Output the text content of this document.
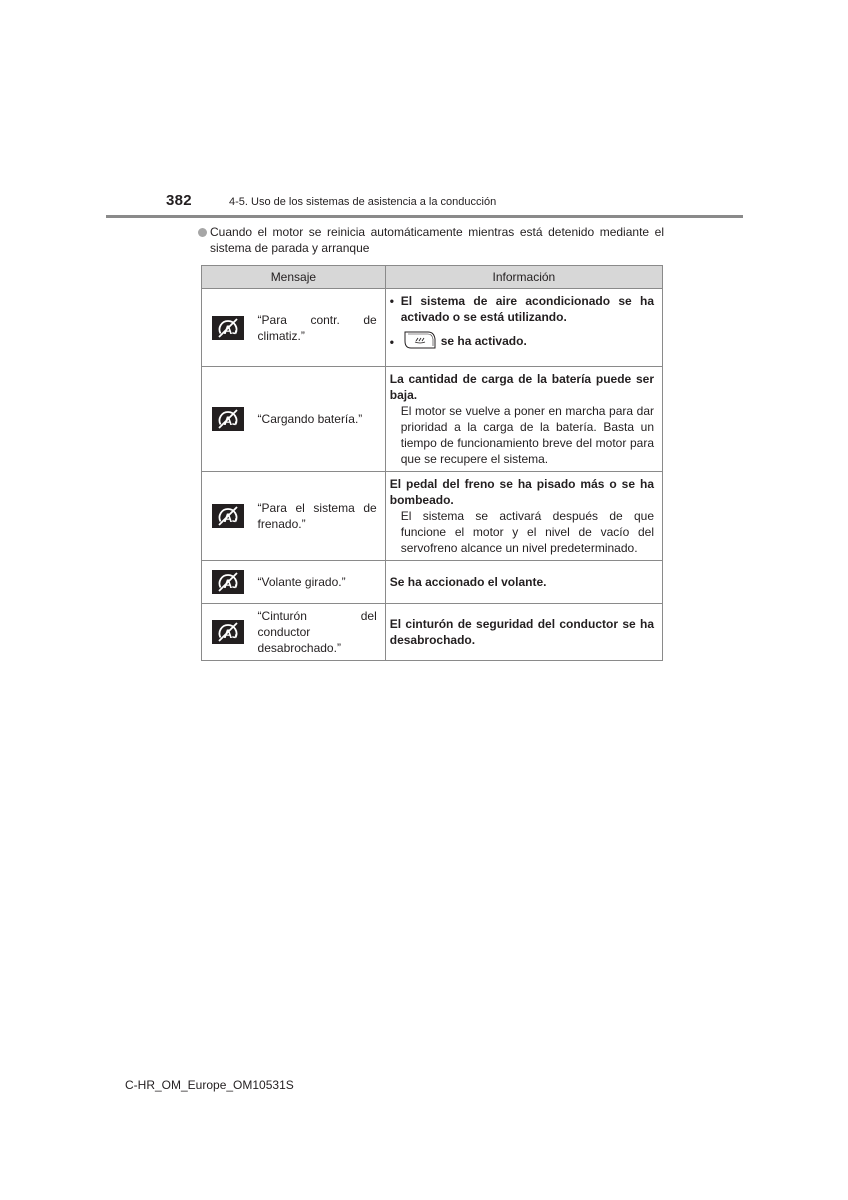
382	4-5. Uso de los sistemas de asistencia a la conducción
Cuando el motor se reinicia automáticamente mientras está detenido mediante el
sistema de parada y arranque
Mensaje		Información

A	“Para contr. de climatiz.”	• El sistema de aire acondicionado se ha activado o se está utilizando.
• se ha activado.

A	“Cargando batería.”	La cantidad de carga de la batería puede ser baja.
El motor se vuelve a poner en marcha para dar prioridad a la carga de la batería. Basta un tiempo de funcionamiento breve del motor para que se recupere el sistema.

A	“Para el sistema de frenado.”	El pedal del freno se ha pisado más o se ha bombeado.
El sistema se activará después de que funcione el motor y el nivel de vacío del servofreno alcance un nivel predeterminado.

A	“Volante girado.”	Se ha accionado el volante.

A	“Cinturón del conductor desabrochado.”	El cinturón de seguridad del conductor se ha desabrochado.
C-HR_OM_Europe_OM10531S
